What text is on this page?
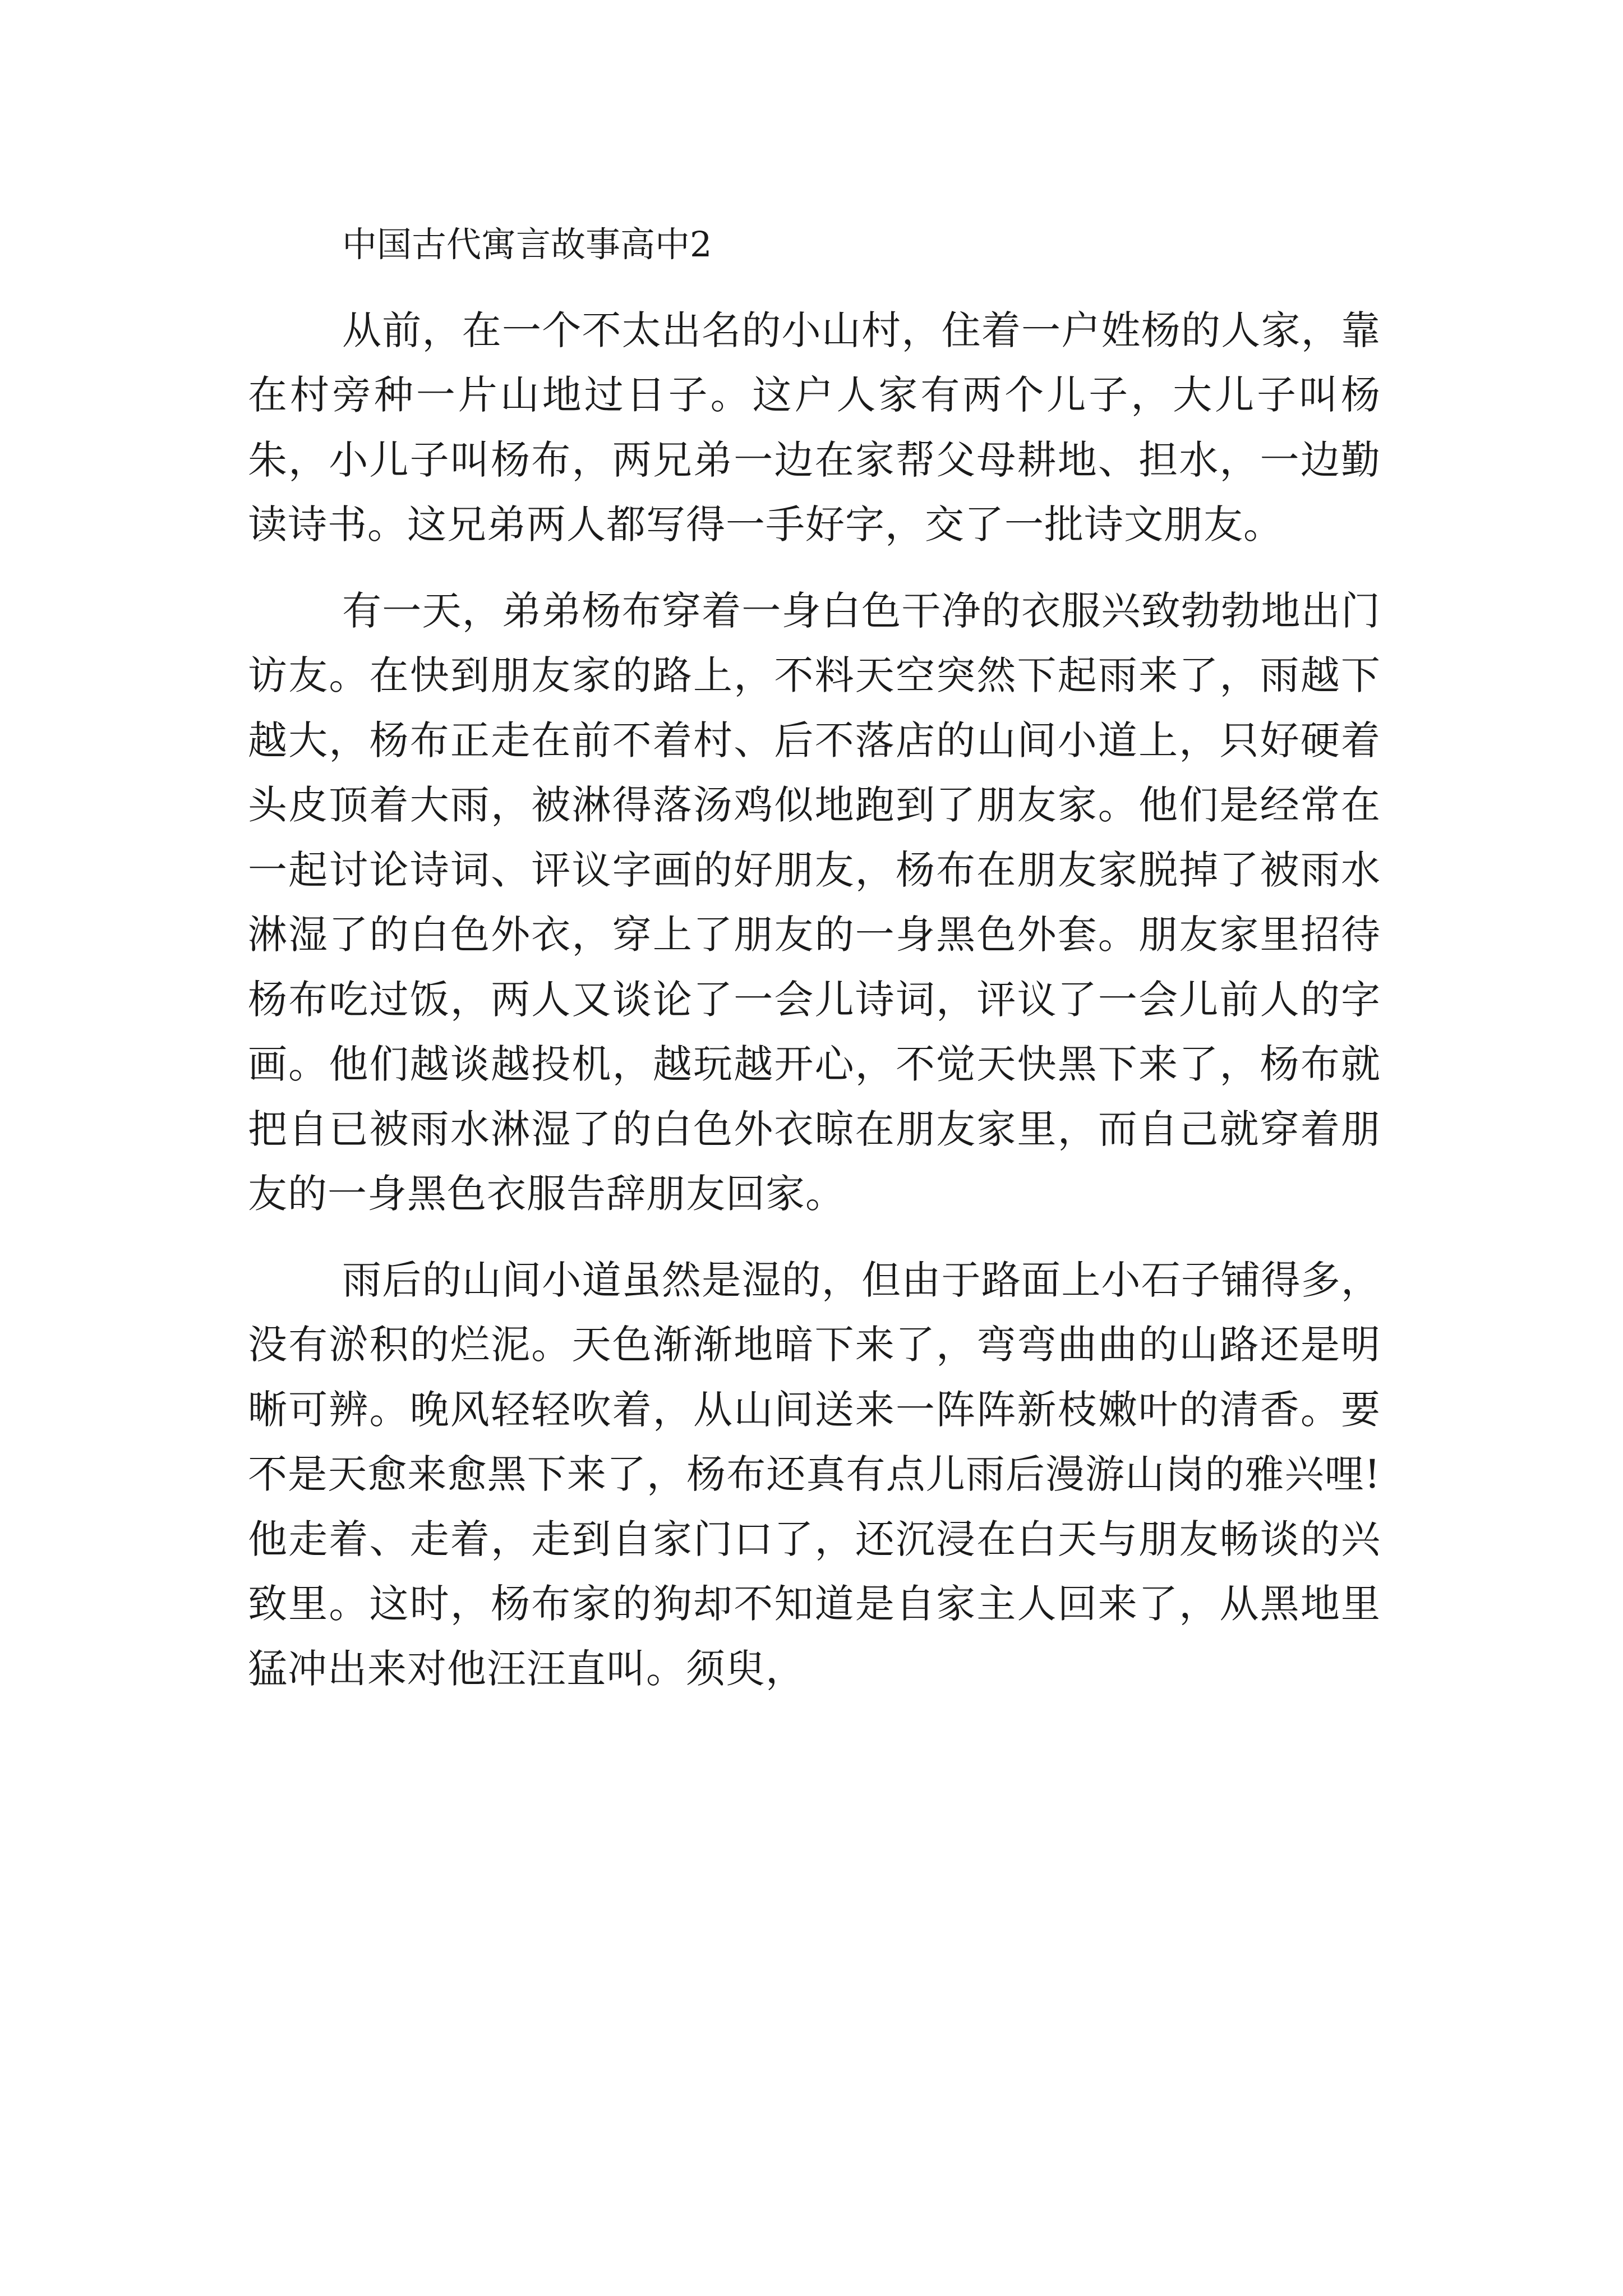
中国古代寓言故事高中2

从前，在一个不太出名的小山村，住着一户姓杨的人家，靠在村旁种一片山地过日子。这户人家有两个儿子，大儿子叫杨朱，小儿子叫杨布，两兄弟一边在家帮父母耕地、担水，一边勤读诗书。这兄弟两人都写得一手好字，交了一批诗文朋友。

有一天，弟弟杨布穿着一身白色干净的衣服兴致勃勃地出门访友。在快到朋友家的路上，不料天空突然下起雨来了，雨越下越大，杨布正走在前不着村、后不落店的山间小道上，只好硬着头皮顶着大雨，被淋得落汤鸡似地跑到了朋友家。他们是经常在一起讨论诗词、评议字画的好朋友，杨布在朋友家脱掉了被雨水淋湿了的白色外衣，穿上了朋友的一身黑色外套。朋友家里招待杨布吃过饭，两人又谈论了一会儿诗词，评议了一会儿前人的字画。他们越谈越投机，越玩越开心，不觉天快黑下来了，杨布就把自已被雨水淋湿了的白色外衣晾在朋友家里，而自己就穿着朋友的一身黑色衣服告辞朋友回家。

雨后的山间小道虽然是湿的，但由于路面上小石子铺得多，没有淤积的烂泥。天色渐渐地暗下来了，弯弯曲曲的山路还是明晰可辨。晚风轻轻吹着，从山间送来一阵阵新枝嫩叶的清香。要不是天愈来愈黑下来了，杨布还真有点儿雨后漫游山岗的雅兴哩!他走着、走着，走到自家门口了，还沉浸在白天与朋友畅谈的兴致里。这时，杨布家的狗却不知道是自家主人回来了，从黑地里猛冲出来对他汪汪直叫。须臾，
